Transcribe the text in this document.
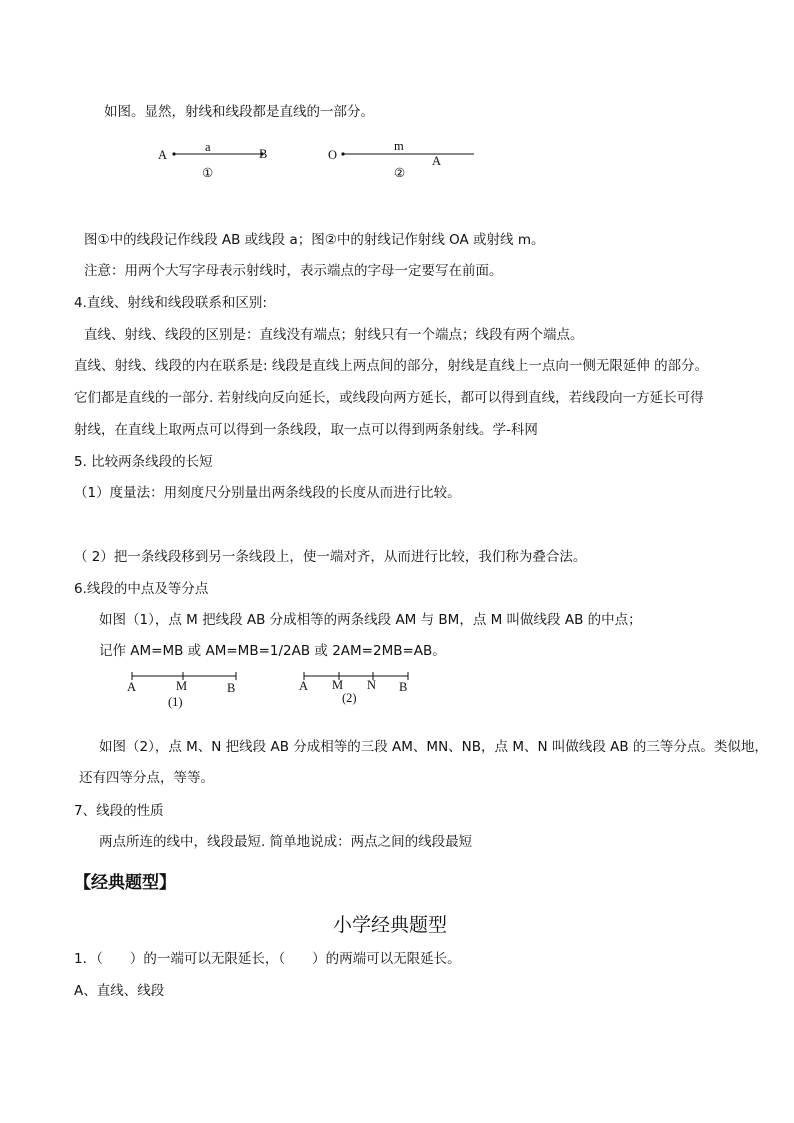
如图。显然，射线和线段都是直线的一部分。
A
a	B
①
O
m
A
②
图①中的线段记作线段 AB 或线段 a；图②中的射线记作射线 OA 或射线 m。
注意：用两个大写字母表示射线时，表示端点的字母一定要写在前面。
4.直线、射线和线段联系和区别:
直线、射线、线段的区别是：直线没有端点；射线只有一个端点；线段有两个端点。
直线、射线、线段的内在联系是: 线段是直线上两点间的部分，射线是直线上一点向一侧无限延伸 的部分。
它们都是直线的一部分. 若射线向反向延长，或线段向两方延长，都可以得到直线，若线段向一方延长可得
射线，在直线上取两点可以得到一条线段，取一点可以得到两条射线。学-科网
5. 比较两条线段的长短
（1）度量法：用刻度尺分别量出两条线段的长度从而进行比较。
（ 2）把一条线段移到另一条线段上，使一端对齐，从而进行比较，我们称为叠合法。
6.线段的中点及等分点
如图（1），点 M 把线段 AB 分成相等的两条线段 AM 与 BM，点 M 叫做线段 AB 的中点；
记作 AM=MB 或 AM=MB=1/2AB 或 2AM=2MB=AB。
A	M	B
(1)
A M N B
(2)
如图（2），点 M、N 把线段 AB 分成相等的三段 AM、MN、NB，点 M、N 叫做线段 AB 的三等分点。类似地，
还有四等分点，等等。
7、线段的性质
两点所连的线中，线段最短. 简单地说成：两点之间的线段最短
【经典题型】
小学经典题型
1．（　　）的一端可以无限延长，（　　）的两端可以无限延长。
A、直线、线段
